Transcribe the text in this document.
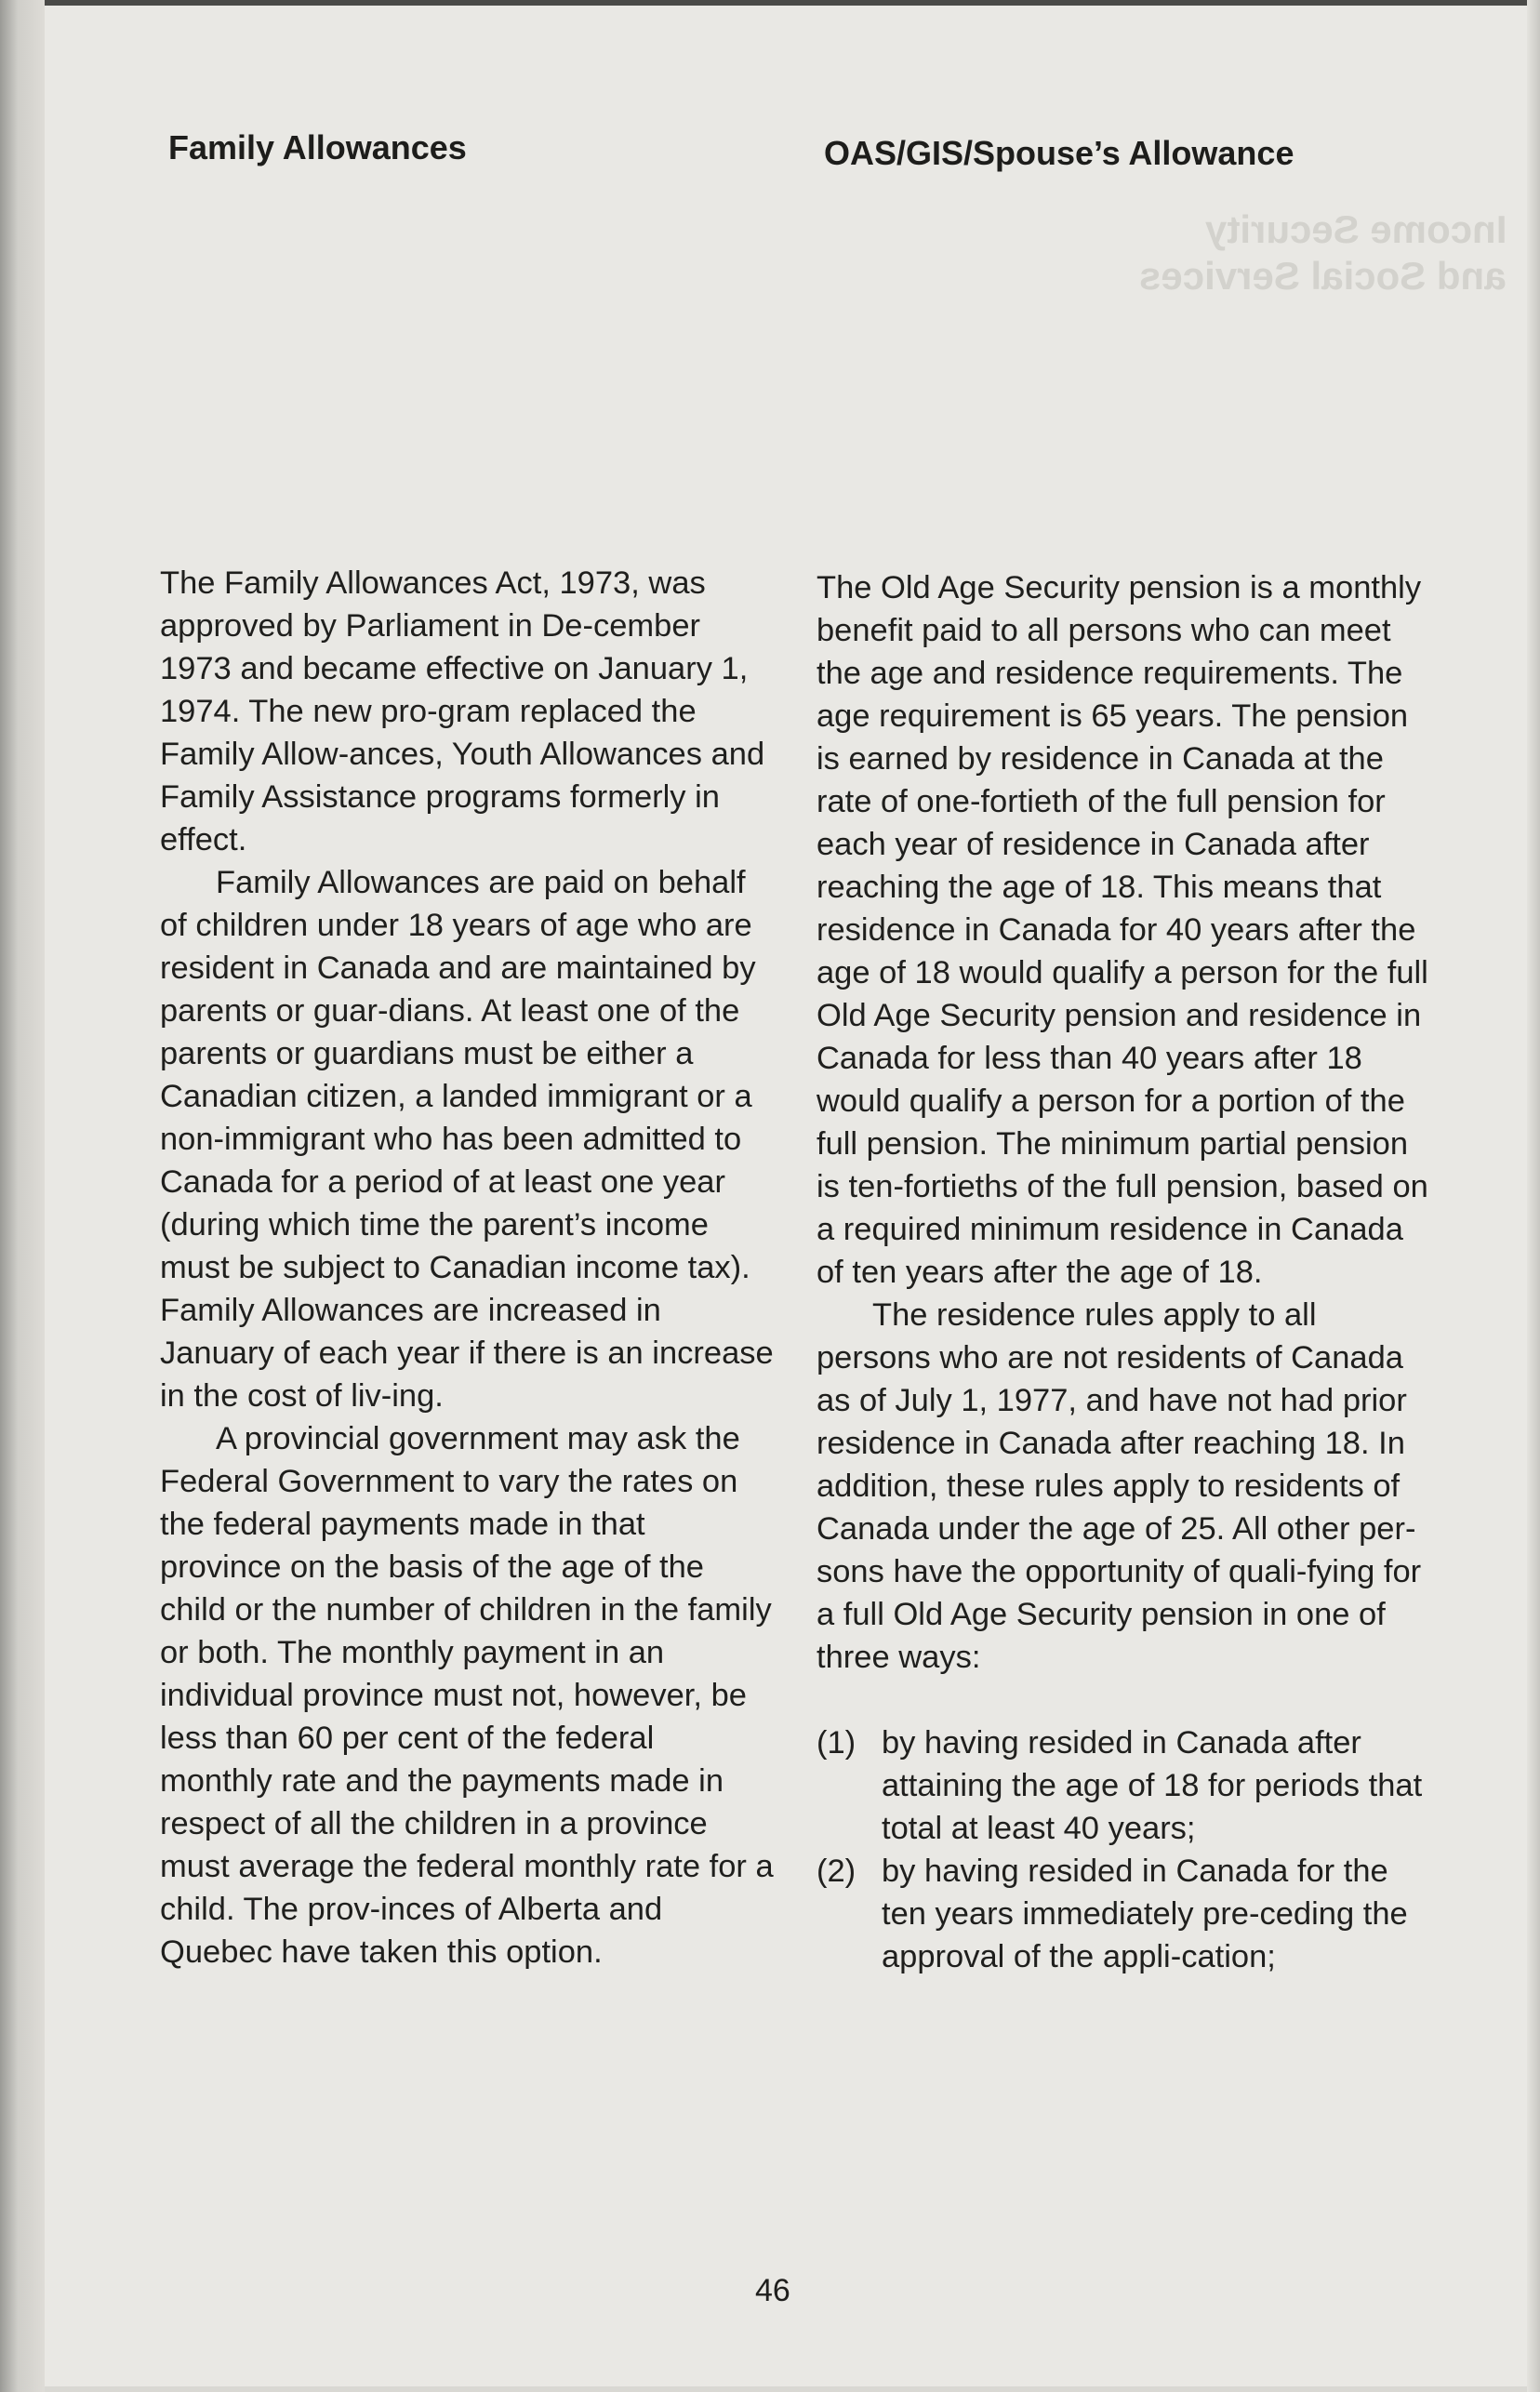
Income Security
and Social Services
Family Allowances	OAS/GIS/Spouse’s Allowance

The Family Allowances Act, 1973, was approved by Parliament in De-cember 1973 and became effective on January 1, 1974. The new pro-gram replaced the Family Allow-ances, Youth Allowances and Family Assistance programs formerly in effect.

Family Allowances are paid on behalf of children under 18 years of age who are resident in Canada and are maintained by parents or guar-dians. At least one of the parents or guardians must be either a Canadian citizen, a landed immigrant or a non-immigrant who has been admitted to Canada for a period of at least one year (during which time the parent’s income must be subject to Canadian income tax). Family Allowances are increased in January of each year if there is an increase in the cost of liv-ing.

A provincial government may ask the Federal Government to vary the rates on the federal payments made in that province on the basis of the age of the child or the number of children in the family or both. The monthly payment in an individual province must not, however, be less than 60 per cent of the federal monthly rate and the payments made in respect of all the children in a province must average the federal monthly rate for a child. The prov-inces of Alberta and Quebec have taken this option.

The Old Age Security pension is a monthly benefit paid to all persons who can meet the age and residence requirements. The age requirement is 65 years. The pension is earned by residence in Canada at the rate of one-fortieth of the full pension for each year of residence in Canada after reaching the age of 18. This means that residence in Canada for 40 years after the age of 18 would qualify a person for the full Old Age Security pension and residence in Canada for less than 40 years after 18 would qualify a person for a portion of the full pension. The minimum partial pension is ten-fortieths of the full pension, based on a required minimum residence in Canada of ten years after the age of 18.

The residence rules apply to all persons who are not residents of Canada as of July 1, 1977, and have not had prior residence in Canada after reaching 18. In addition, these rules apply to residents of Canada under the age of 25. All other per-sons have the opportunity of quali-fying for a full Old Age Security pension in one of three ways:

(1) by having resided in Canada after attaining the age of 18 for periods that total at least 40 years;
(2) by having resided in Canada for the ten years immediately pre-ceding the approval of the appli-cation;
46
